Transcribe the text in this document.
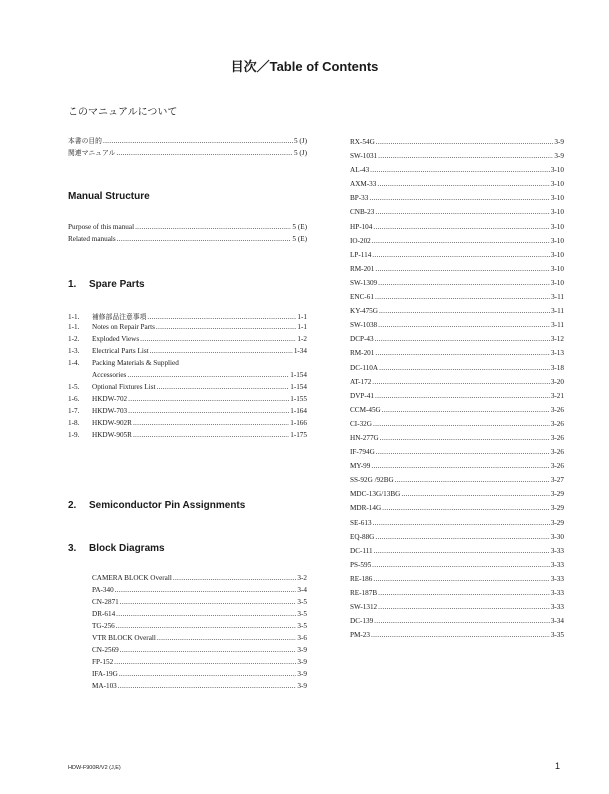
目次／Table of Contents
このマニュアルについて
本書の目的 .....	5 (J)
関連マニュアル .....	5 (J)
Manual Structure
Purpose of this manual .....	5 (E)
Related manuals .....	5 (E)
1. Spare Parts
1-1.	補修部品注意事項 .....	1-1
1-1.	Notes on Repair Parts .....	1-1
1-2.	Exploded Views .....	1-2
1-3.	Electrical Parts List .....	1-34
1-4.	Packing Materials & Supplied
Accessories .....	1-154
1-5.	Optional Fixtures List .....	1-154
1-6.	HKDW-702 .....	1-155
1-7.	HKDW-703 .....	1-164
1-8.	HKDW-902R .....	1-166
1-9.	HKDW-905R .....	1-175
2. Semiconductor Pin Assignments
3. Block Diagrams
CAMERA BLOCK Overall .....	3-2
PA-340 .....	3-4
CN-2871 .....	3-5
DR-614 .....	3-5
TG-256 .....	3-5
VTR BLOCK Overall .....	3-6
CN-2569 .....	3-9
FP-152 .....	3-9
IFA-19G .....	3-9
MA-103 .....	3-9
RX-54G .....	3-9
SW-1031 .....	3-9
AL-43 .....	3-10
AXM-33 .....	3-10
BP-33 .....	3-10
CNB-23 .....	3-10
HP-104 .....	3-10
IO-202 .....	3-10
LP-114 .....	3-10
RM-201 .....	3-10
SW-1309 .....	3-10
ENC-61 .....	3-11
KY-475G .....	3-11
SW-1038 .....	3-11
DCP-43 .....	3-12
RM-201 .....	3-13
DC-110A .....	3-18
AT-172 .....	3-20
DVP-41 .....	3-21
CCM-45G .....	3-26
CI-32G .....	3-26
HN-277G .....	3-26
IF-794G .....	3-26
MY-99 .....	3-26
SS-92G /92BG .....	3-27
MDC-13G/13BG .....	3-29
MDR-14G .....	3-29
SE-613 .....	3-29
EQ-88G .....	3-30
DC-111 .....	3-33
PS-595 .....	3-33
RE-186 .....	3-33
RE-187B .....	3-33
SW-1312 .....	3-33
DC-139 .....	3-34
PM-23 .....	3-35
HDW-F900R/V2 (J,E)	1
